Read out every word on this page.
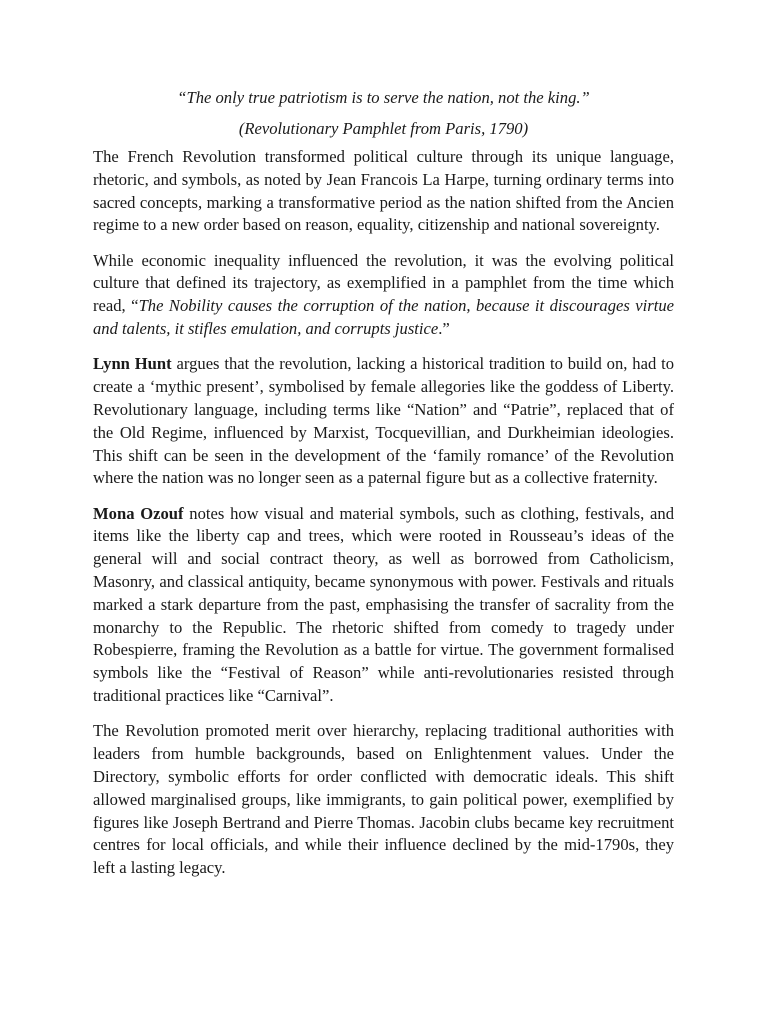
“The only true patriotism is to serve the nation, not the king.”
(Revolutionary Pamphlet from Paris, 1790)

The French Revolution transformed political culture through its unique language, rhetoric, and symbols, as noted by Jean Francois La Harpe, turning ordinary terms into sacred concepts, marking a transformative period as the nation shifted from the Ancien regime to a new order based on reason, equality, citizenship and national sovereignty.

While economic inequality influenced the revolution, it was the evolving political culture that defined its trajectory, as exemplified in a pamphlet from the time which read, “The Nobility causes the corruption of the nation, because it discourages virtue and talents, it stifles emulation, and corrupts justice.”

Lynn Hunt argues that the revolution, lacking a historical tradition to build on, had to create a ‘mythic present’, symbolised by female allegories like the goddess of Liberty. Revolutionary language, including terms like “Nation” and “Patrie”, replaced that of the Old Regime, influenced by Marxist, Tocquevillian, and Durkheimian ideologies. This shift can be seen in the development of the ‘family romance’ of the Revolution where the nation was no longer seen as a paternal figure but as a collective fraternity.

Mona Ozouf notes how visual and material symbols, such as clothing, festivals, and items like the liberty cap and trees, which were rooted in Rousseau’s ideas of the general will and social contract theory, as well as borrowed from Catholicism, Masonry, and classical antiquity, became synonymous with power. Festivals and rituals marked a stark departure from the past, emphasising the transfer of sacrality from the monarchy to the Republic. The rhetoric shifted from comedy to tragedy under Robespierre, framing the Revolution as a battle for virtue. The government formalised symbols like the “Festival of Reason” while anti-revolutionaries resisted through traditional practices like “Carnival”.

The Revolution promoted merit over hierarchy, replacing traditional authorities with leaders from humble backgrounds, based on Enlightenment values. Under the Directory, symbolic efforts for order conflicted with democratic ideals. This shift allowed marginalised groups, like immigrants, to gain political power, exemplified by figures like Joseph Bertrand and Pierre Thomas. Jacobin clubs became key recruitment centres for local officials, and while their influence declined by the mid-1790s, they left a lasting legacy.
